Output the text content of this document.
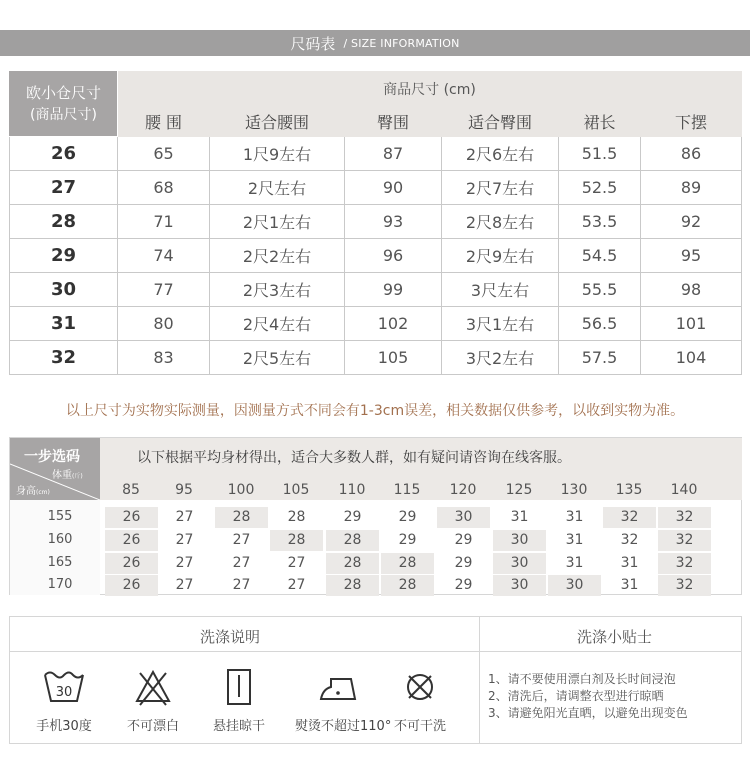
尺码表 / SIZE INFORMATION
欧小仓尺寸
(商品尺寸)	商品尺寸 (cm)					
	腰 围	适合腰围	臀围	适合臀围	裙长	下摆
26	65	1尺9左右	87	2尺6左右	51.5	86
27	68	2尺左右	90	2尺7左右	52.5	89
28	71	2尺1左右	93	2尺8左右	53.5	92
29	74	2尺2左右	96	2尺9左右	54.5	95
30	77	2尺3左右	99	3尺左右	55.5	98
31	80	2尺4左右	102	3尺1左右	56.5	101
32	83	2尺5左右	105	3尺2左右	57.5	104
以上尺寸为实物实际测量，因测量方式不同会有1-3cm误差，相关数据仅供参考，以收到实物为准。
一步选码
体重(斤)
身高(cm)
以下根据平均身材得出，适合大多数人群，如有疑问请咨询在线客服。
85	95	100	105	110	115	120	125	130	135	140
155	26	27	28	28	29	29	30	31	31	32	32
160	26	27	27	28	28	29	29	30	31	32	32
165	26	27	27	27	28	28	29	30	31	31	32
170	26	27	27	27	28	28	29	30	30	31	32
洗涤说明	洗涤小贴士
30
手机30度	不可漂白	悬挂晾干	熨烫不超过110° 不可干洗
1、请不要使用漂白剂及长时间浸泡
2、清洗后，请调整衣型进行晾晒
3、请避免阳光直晒，以避免出现变色
